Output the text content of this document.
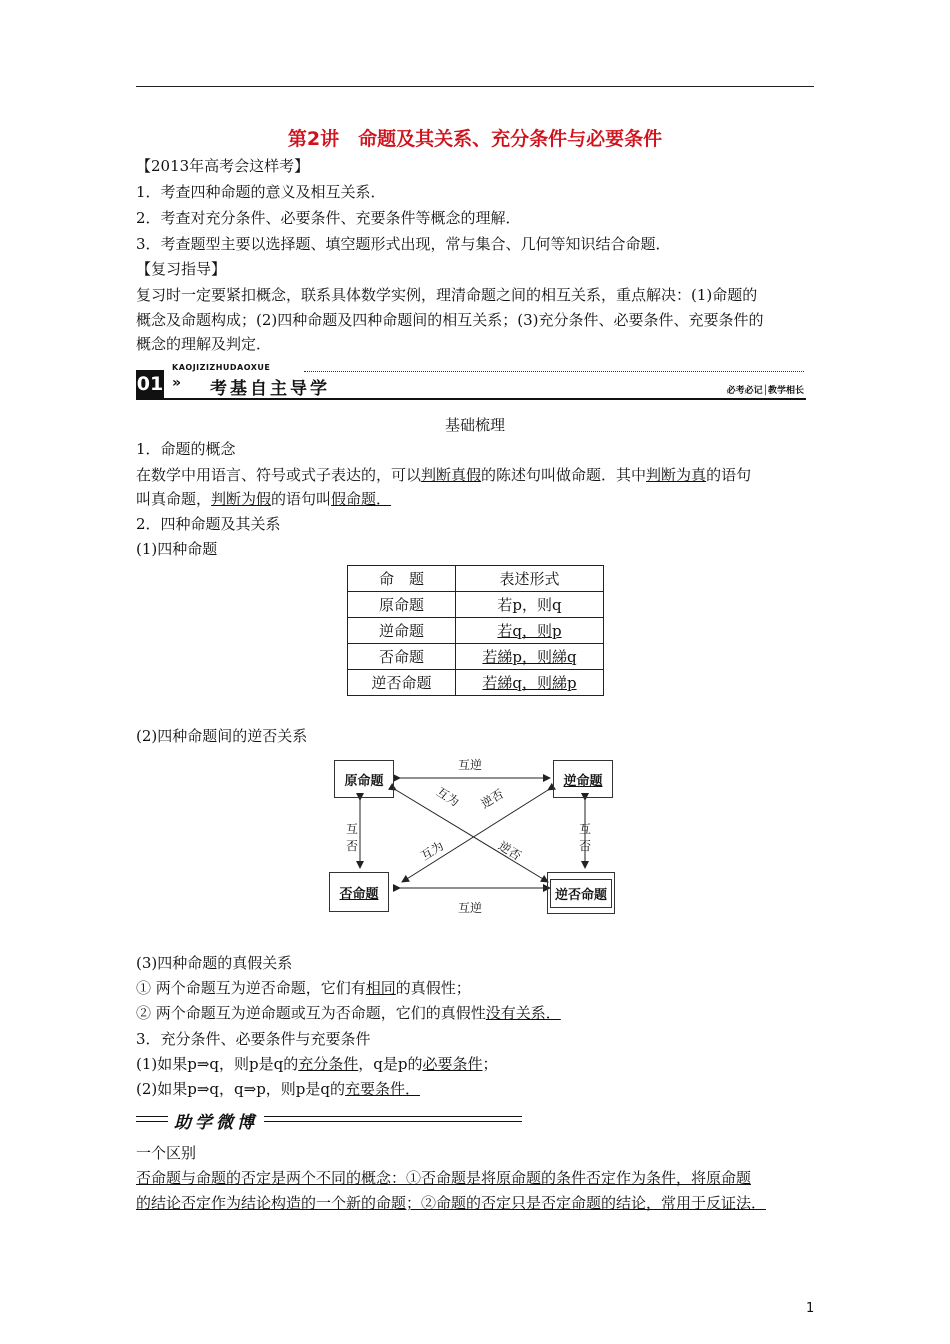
第2讲　命题及其关系、充分条件与必要条件
【2013年高考会这样考】
1．考查四种命题的意义及相互关系．
2．考查对充分条件、必要条件、充要条件等概念的理解．
3．考查题型主要以选择题、填空题形式出现，常与集合、几何等知识结合命题．
【复习指导】
复习时一定要紧扣概念，联系具体数学实例，理清命题之间的相互关系，重点解决：(1)命题的
概念及命题构成；(2)四种命题及四种命题间的相互关系；(3)充分条件、必要条件、充要条件的
概念的理解及判定．
01
KAOJIZIZHUDAOXUE
» 考基自主导学	必考必记│教学相长
基础梳理
1．命题的概念
在数学中用语言、符号或式子表达的，可以判断真假的陈述句叫做命题．其中判断为真的语句
叫真命题，判断为假的语句叫假命题．
2．四种命题及其关系
(1)四种命题
命　题	表述形式
原命题	若p，则q
逆命题	若q，则p
否命题	若綈p，则綈q
逆否命题	若綈q，则綈p
(2)四种命题间的逆否关系
原命题	逆命题
否命题	逆否命题
互逆
互逆
互
否
互
否
互为 逆否
互为	逆否
(3)四种命题的真假关系
① 两个命题互为逆否命题，它们有相同的真假性；
② 两个命题互为逆命题或互为否命题，它们的真假性没有关系．
3．充分条件、必要条件与充要条件
(1)如果p⇒q，则p是q的充分条件，q是p的必要条件；
(2)如果p⇒q，q⇒p，则p是q的充要条件．
助学微博
一个区别
否命题与命题的否定是两个不同的概念：①否命题是将原命题的条件否定作为条件，将原命题
的结论否定作为结论构造的一个新的命题；②命题的否定只是否定命题的结论，常用于反证法．
1
